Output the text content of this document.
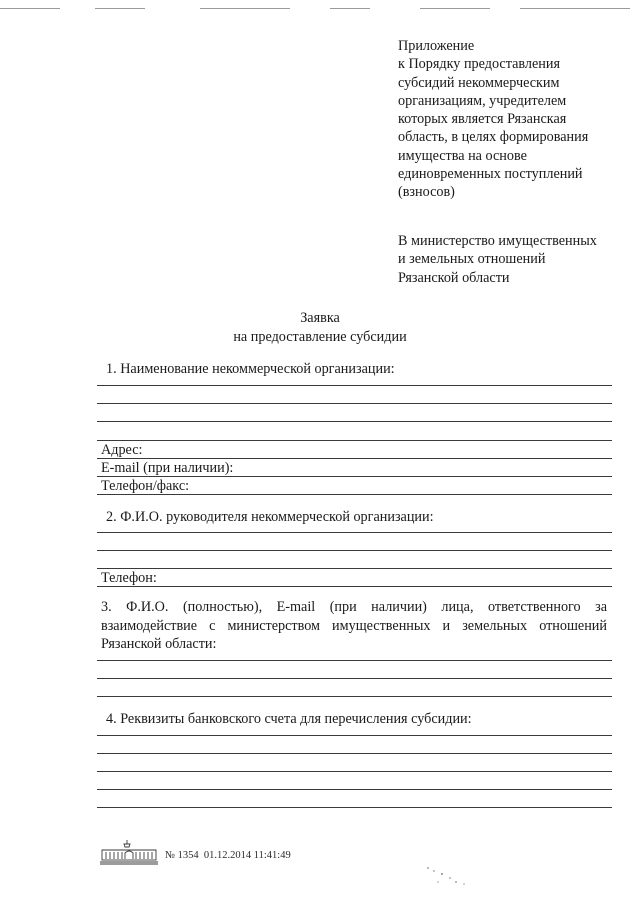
Приложение
к Порядку предоставления
субсидий некоммерческим
организациям, учредителем
которых является Рязанская
область, в целях формирования
имущества на основе
единовременных поступлений
(взносов)
В министерство имущественных
и земельных отношений
Рязанской области
Заявка
на предоставление субсидии
1. Наименование некоммерческой организации:
Адрес:
E-mail (при наличии):
Телефон/факс:
2. Ф.И.О. руководителя некоммерческой организации:
Телефон:
3. Ф.И.О. (полностью), E-mail (при наличии) лица, ответственного за
взаимодействие с министерством имущественных и земельных отношений
Рязанской области:
4. Реквизиты банковского счета для перечисления субсидии:
№ 1354 01.12.2014 11:41:49
